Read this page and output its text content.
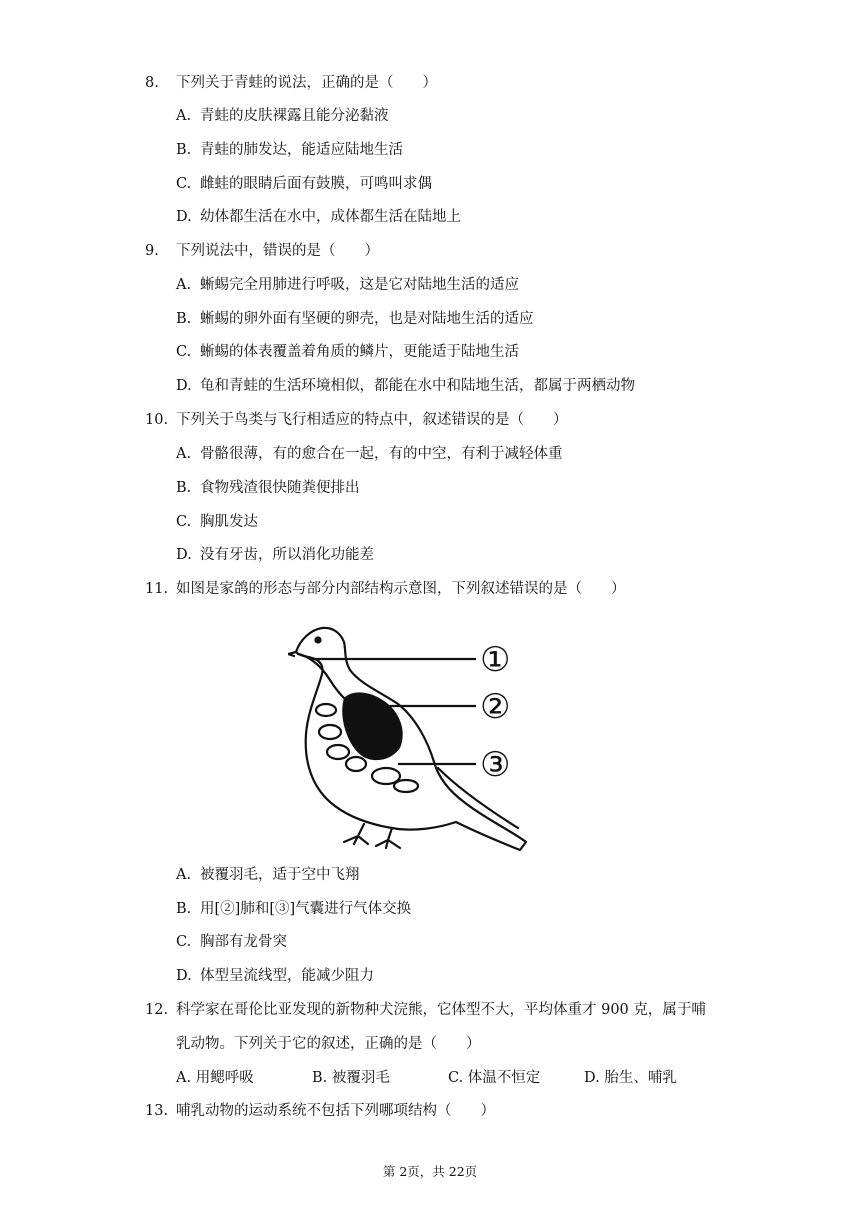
8. 下列关于青蛙的说法，正确的是（　　）
A. 青蛙的皮肤裸露且能分泌黏液
B. 青蛙的肺发达，能适应陆地生活
C. 雌蛙的眼睛后面有鼓膜，可鸣叫求偶
D. 幼体都生活在水中，成体都生活在陆地上
9. 下列说法中，错误的是（　　）
A. 蜥蜴完全用肺进行呼吸，这是它对陆地生活的适应
B. 蜥蜴的卵外面有坚硬的卵壳，也是对陆地生活的适应
C. 蜥蜴的体表覆盖着角质的鳞片，更能适于陆地生活
D. 龟和青蛙的生活环境相似，都能在水中和陆地生活，都属于两栖动物
10. 下列关于鸟类与飞行相适应的特点中，叙述错误的是（　　）
A. 骨骼很薄，有的愈合在一起，有的中空，有利于减轻体重
B. 食物残渣很快随粪便排出
C. 胸肌发达
D. 没有牙齿，所以消化功能差
11. 如图是家鸽的形态与部分内部结构示意图，下列叙述错误的是（　　）
①
②
③
A. 被覆羽毛，适于空中飞翔
B. 用[②]肺和[③]气囊进行气体交换
C. 胸部有龙骨突
D. 体型呈流线型，能减少阻力
12. 科学家在哥伦比亚发现的新物种犬浣熊，它体型不大，平均体重才 900 克，属于哺
乳动物。下列关于它的叙述，正确的是（　　）
A. 用鳃呼吸	B. 被覆羽毛	C. 体温不恒定	D. 胎生、哺乳
13. 哺乳动物的运动系统不包括下列哪项结构（　　）
第 2页，共 22页
